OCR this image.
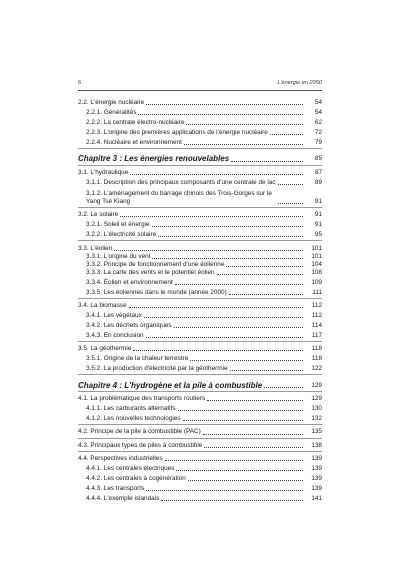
6	L'énergie en 2050
2.2. L'énergie nucléaire	54
2.2.1. Généralités	54
2.2.2. La centrale électro-nucléaire	62
2.2.3. L'origine des premières applications de l'énergie nucléaire	72
2.2.4. Nucléaire et environnement	79
Chapitre 3 : Les énergies renouvelables	85
3.1. L'hydraulique	87
3.1.1. Description des principaux composants d'une centrale de lac	89
3.1.2. L'aménagement du barrage chinois des Trois-Gorges sur le Yang Tsé Kiang	91
3.2. Le solaire	91
3.2.1. Soleil et énergie	91
3.2.2. L'électricité solaire	95
3.3. L'éolien	101
3.3.1. L'origine du vent	101
3.3.2. Principe de fonctionnement d'une éolienne	104
3.3.3. La carte des vents et le potentiel éolien	108
3.3.4. Éolien et environnement	109
3.3.5. Les éoliennes dans le monde (année 2000)	111
3.4. La biomasse	112
3.4.1. Les végétaux	112
3.4.2. Les déchets organiques	114
3.4.3. En conclusion	117
3.5. La géothermie	118
3.5.1. Origine de la chaleur terrestre	118
3.5.2. La production d'électricité par la géothermie	122
Chapitre 4 : L'hydrogène et la pile à combustible	129
4.1. La problématique des transports routiers	129
4.1.1. Les carburants alternatifs	130
4.1.2. Les nouvelles technologies	132
4.2. Principe de la pile à combustible (PAC)	135
4.3. Principaux types de piles à combustible	138
4.4. Perspectives industrielles	139
4.4.1. Les centrales électriques	139
4.4.2. Les centrales à cogénération	139
4.4.3. Les transports	139
4.4.4. L'exemple islandais	141
